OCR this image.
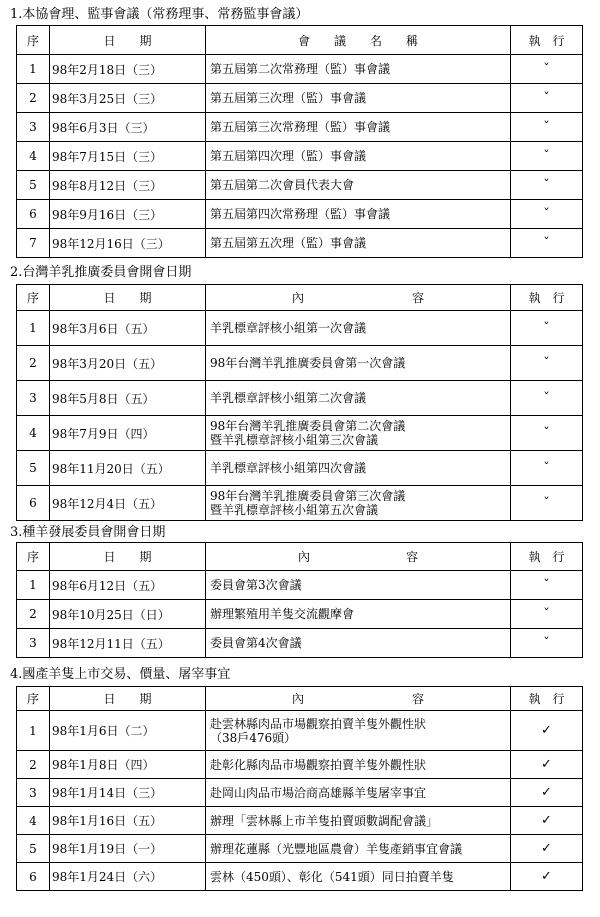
1.本協會理、監事會議（常務理事、常務監事會議）
序	日　　期	會　　議　　名　　稱	執　行
1	98年2月18日（三）	第五屆第二次常務理（監）事會議	ˇ
2	98年3月25日（三）	第五屆第三次理（監）事會議	ˇ
3	98年6月3日（三）	第五屆第三次常務理（監）事會議	ˇ
4	98年7月15日（三）	第五屆第四次理（監）事會議	ˇ
5	98年8月12日（三）	第五屆第二次會員代表大會	ˇ
6	98年9月16日（三）	第五屆第四次常務理（監）事會議	ˇ
7	98年12月16日（三）	第五屆第五次理（監）事會議	ˇ
2.台灣羊乳推廣委員會開會日期
序	日　　期	內　　　　　　　　　容	執　行
1	98年3月6日（五）	羊乳標章評核小組第一次會議	ˇ
2	98年3月20日（五）	98年台灣羊乳推廣委員會第一次會議	ˇ
3	98年5月8日（五）	羊乳標章評核小組第二次會議	ˇ
4	98年7月9日（四）	98年台灣羊乳推廣委員會第二次會議
暨羊乳標章評核小組第三次會議	ˇ
5	98年11月20日（五）	羊乳標章評核小組第四次會議	ˇ
6	98年12月4日（五）	98年台灣羊乳推廣委員會第三次會議
暨羊乳標章評核小組第五次會議	ˇ
3.種羊發展委員會開會日期
序	日　　期	內　　　　　　　　容	執　行
1	98年6月12日（五）	委員會第3次會議	ˇ
2	98年10月25日（日）	辦理繁殖用羊隻交流觀摩會	ˇ
3	98年12月11日（五）	委員會第4次會議	ˇ
4.國產羊隻上市交易、價量、屠宰事宜
序	日　　期	內　　　　　　　　　容	執　行
1	98年1月6日（二）	赴雲林縣肉品市場觀察拍賣羊隻外觀性狀
（38戶476頭）	✓
2	98年1月8日（四）	赴彰化縣肉品市場觀察拍賣羊隻外觀性狀	✓
3	98年1月14日（三）	赴岡山肉品市場洽商高雄縣羊隻屠宰事宜	✓
4	98年1月16日（五）	辦理「雲林縣上市羊隻拍賣頭數調配會議」	✓
5	98年1月19日（一）	辦理花蓮縣（光豐地區農會）羊隻產銷事宜會議	✓
6	98年1月24日（六）	雲林（450頭）、彰化（541頭）同日拍賣羊隻	✓
